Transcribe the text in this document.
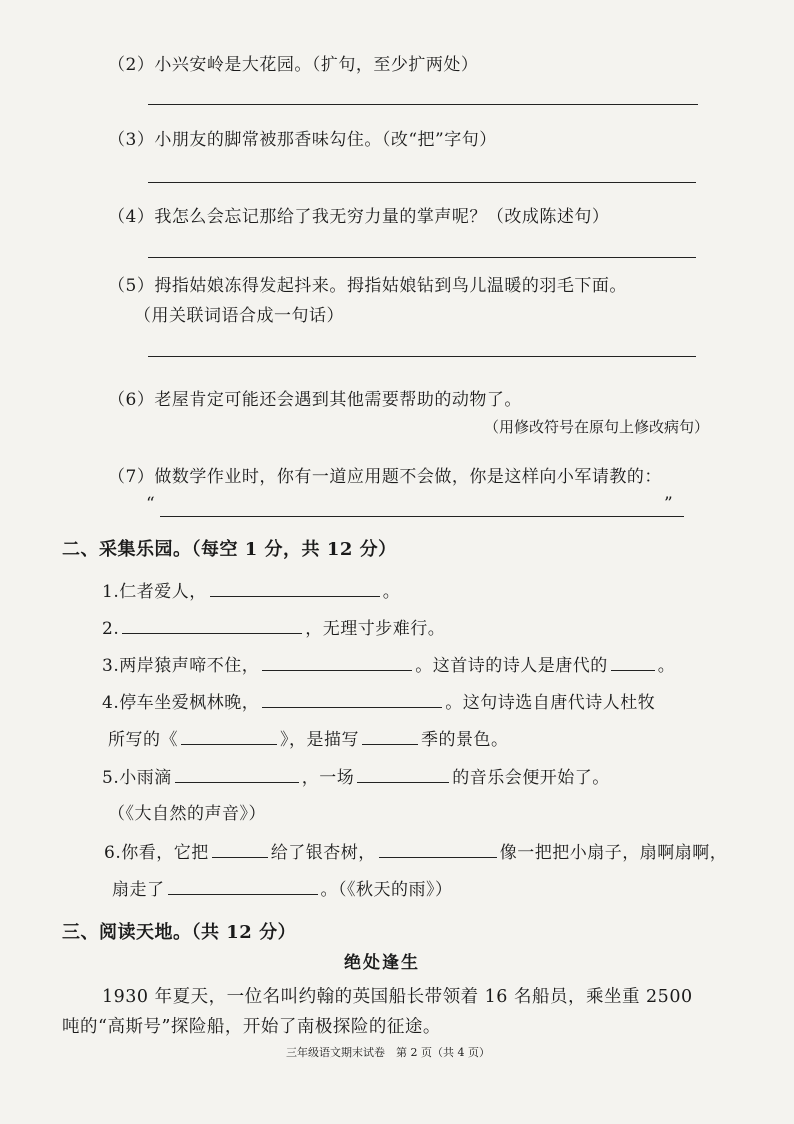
（2）小兴安岭是大花园。（扩句，至少扩两处）
（3）小朋友的脚常被那香味勾住。（改“把”字句）
（4）我怎么会忘记那给了我无穷力量的掌声呢？（改成陈述句）
（5）拇指姑娘冻得发起抖来。拇指姑娘钻到鸟儿温暖的羽毛下面。
（用关联词语合成一句话）
（6）老屋肯定可能还会遇到其他需要帮助的动物了。
（用修改符号在原句上修改病句）
（7）做数学作业时，你有一道应用题不会做，你是这样向小军请教的：
“	”
二、采集乐园。（每空 1 分，共 12 分）
1.仁者爱人，	。
2.	，无理寸步难行。
3.两岸猿声啼不住，	。这首诗的诗人是唐代的	。
4.停车坐爱枫林晚，	。这句诗选自唐代诗人杜牧
所写的《	》，是描写	季的景色。
5.小雨滴	，一场	的音乐会便开始了。
（《大自然的声音》）
6.你看，它把	给了银杏树，	像一把把小扇子，扇啊扇啊，
扇走了	。（《秋天的雨》）
三、阅读天地。（共 12 分）
绝处逢生
1930 年夏天，一位名叫约翰的英国船长带领着 16 名船员，乘坐重 2500
吨的“高斯号”探险船，开始了南极探险的征途。
三年级语文期末试卷　第 2 页（共 4 页）
